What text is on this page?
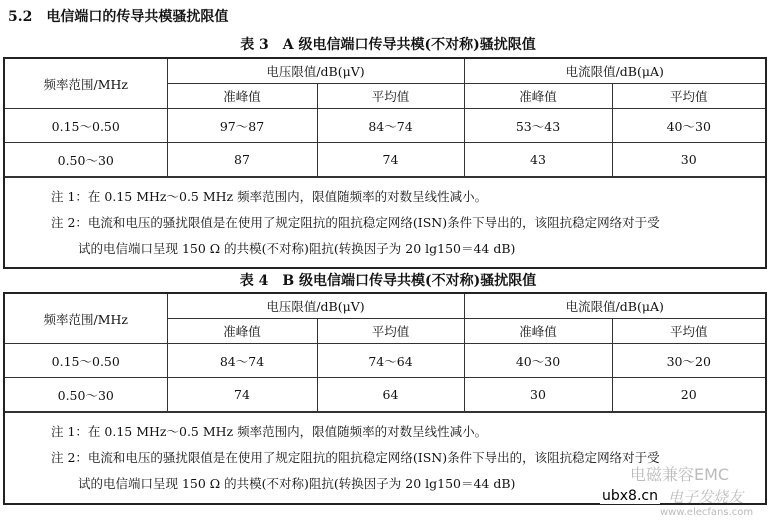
5.2 电信端口的传导共模骚扰限值
表 3　A 级电信端口传导共模(不对称)骚扰限值
频率范围/MHz	电压限值/dB(μV)		电流限值/dB(μA)	
	准峰值	平均值	准峰值	平均值
0.15～0.50	97～87	84～74	53～43	40～30
0.50～30	87	74	43	30
注 1：在 0.15 MHz～0.5 MHz 频率范围内，限值随频率的对数呈线性减小。
注 2：电流和电压的骚扰限值是在使用了规定阻抗的阻抗稳定网络(ISN)条件下导出的，该阻抗稳定网络对于受
试的电信端口呈现 150 Ω 的共模(不对称)阻抗(转换因子为 20 lg150＝44 dB)
表 4　B 级电信端口传导共模(不对称)骚扰限值
频率范围/MHz	电压限值/dB(μV)		电流限值/dB(μA)	
	准峰值	平均值	准峰值	平均值
0.15～0.50	84～74	74～64	40～30	30～20
0.50～30	74	64	30	20
注 1：在 0.15 MHz～0.5 MHz 频率范围内，限值随频率的对数呈线性减小。
注 2：电流和电压的骚扰限值是在使用了规定阻抗的阻抗稳定网络(ISN)条件下导出的，该阻抗稳定网络对于受
试的电信端口呈现 150 Ω 的共模(不对称)阻抗(转换因子为 20 lg150＝44 dB)	电磁兼容EMC
ubx8.cn 电子发烧友
www.elecfans.com
